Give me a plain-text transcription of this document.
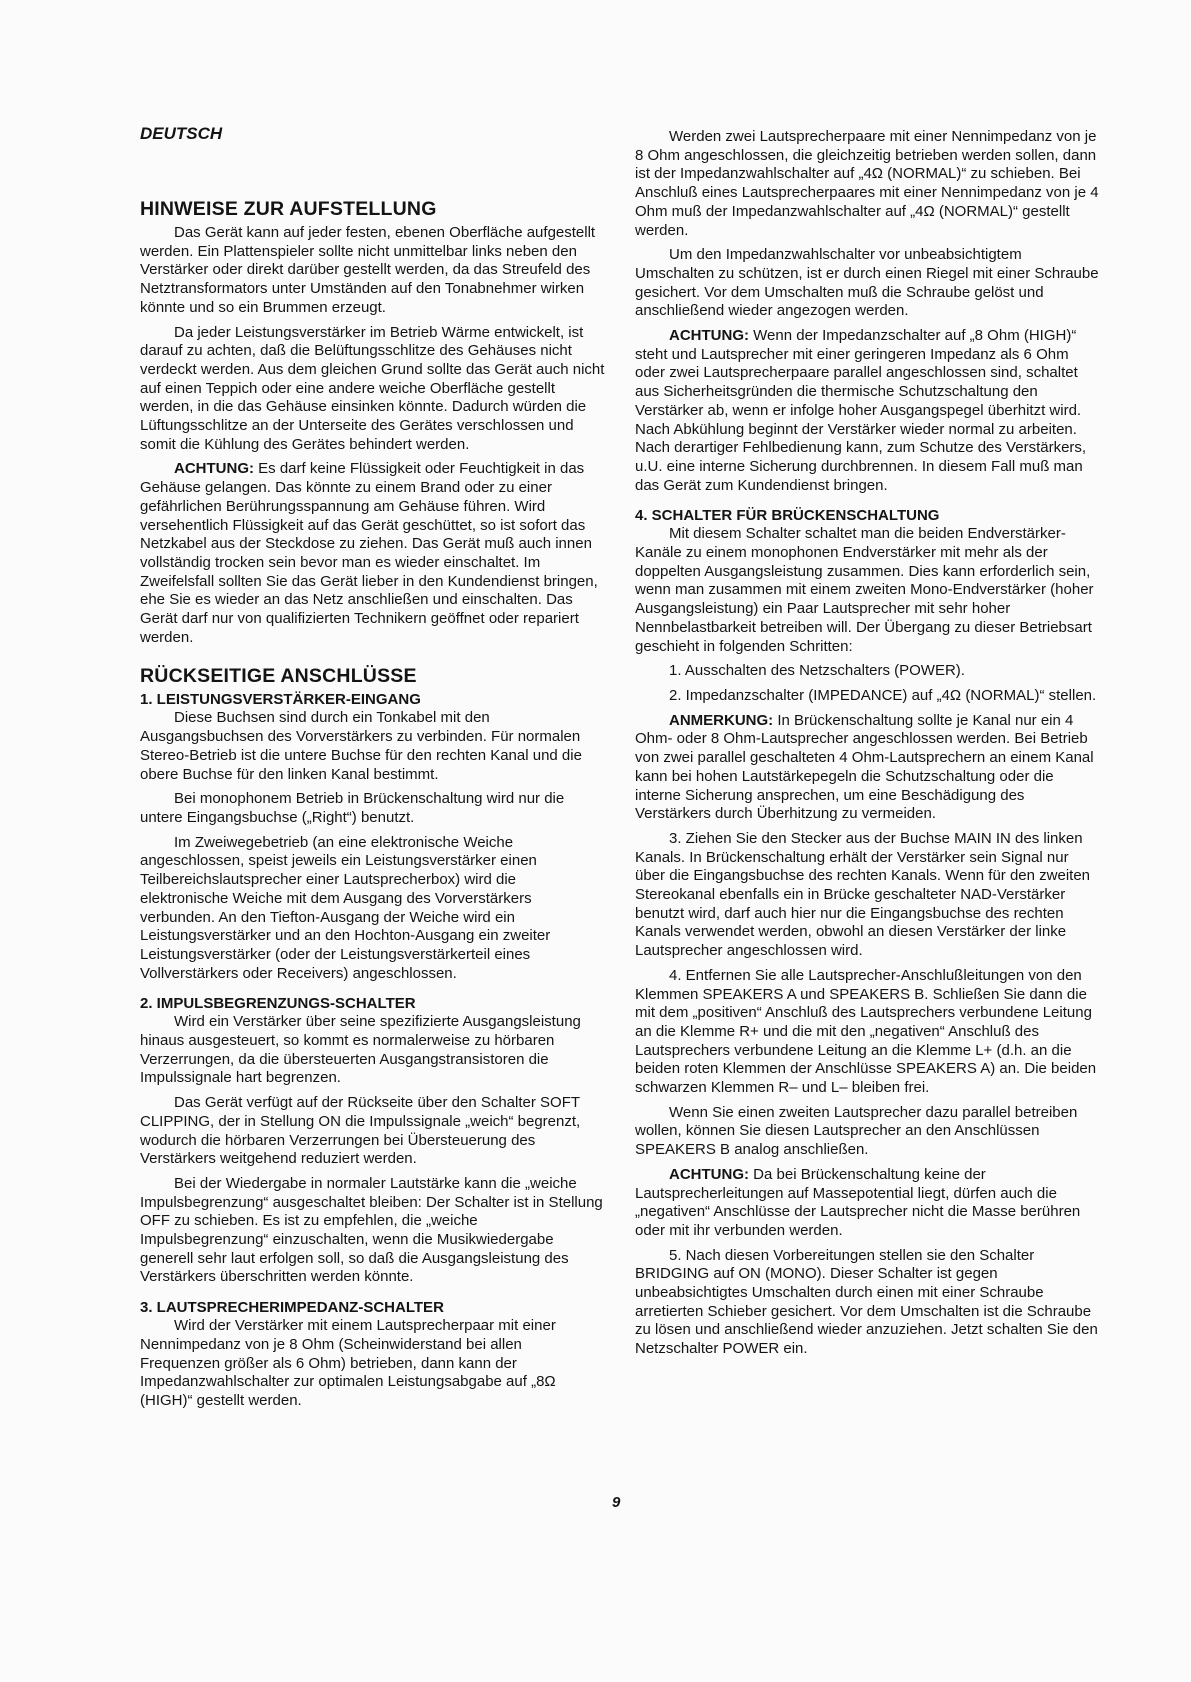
DEUTSCH
HINWEISE ZUR AUFSTELLUNG

Das Gerät kann auf jeder festen, ebenen Oberfläche aufgestellt werden. Ein Plattenspieler sollte nicht unmittelbar links neben den Verstärker oder direkt darüber gestellt werden, da das Streufeld des Netztransformators unter Umständen auf den Tonabnehmer wirken könnte und so ein Brummen erzeugt.

Da jeder Leistungsverstärker im Betrieb Wärme entwickelt, ist darauf zu achten, daß die Belüftungsschlitze des Gehäuses nicht verdeckt werden. Aus dem gleichen Grund sollte das Gerät auch nicht auf einen Teppich oder eine andere weiche Oberfläche gestellt werden, in die das Gehäuse einsinken könnte. Dadurch würden die Lüftungsschlitze an der Unterseite des Gerätes verschlossen und somit die Kühlung des Gerätes behindert werden.

ACHTUNG: Es darf keine Flüssigkeit oder Feuchtigkeit in das Gehäuse gelangen. Das könnte zu einem Brand oder zu einer gefährlichen Berührungsspannung am Gehäuse führen. Wird versehentlich Flüssigkeit auf das Gerät geschüttet, so ist sofort das Netzkabel aus der Steckdose zu ziehen. Das Gerät muß auch innen vollständig trocken sein bevor man es wieder einschaltet. Im Zweifelsfall sollten Sie das Gerät lieber in den Kundendienst bringen, ehe Sie es wieder an das Netz anschließen und einschalten. Das Gerät darf nur von qualifizierten Technikern geöffnet oder repariert werden.

RÜCKSEITIGE ANSCHLÜSSE
1. LEISTUNGSVERSTÄRKER-EINGANG

Diese Buchsen sind durch ein Tonkabel mit den Ausgangsbuchsen des Vorverstärkers zu verbinden. Für normalen Stereo-Betrieb ist die untere Buchse für den rechten Kanal und die obere Buchse für den linken Kanal bestimmt.

Bei monophonem Betrieb in Brückenschaltung wird nur die untere Eingangsbuchse („Right“) benutzt.

Im Zweiwegebetrieb (an eine elektronische Weiche angeschlossen, speist jeweils ein Leistungsverstärker einen Teilbereichslautsprecher einer Lautsprecherbox) wird die elektronische Weiche mit dem Ausgang des Vorverstärkers verbunden. An den Tiefton-Ausgang der Weiche wird ein Leistungsverstärker und an den Hochton-Ausgang ein zweiter Leistungsverstärker (oder der Leistungsverstärkerteil eines Vollverstärkers oder Receivers) angeschlossen.

2. IMPULSBEGRENZUNGS-SCHALTER

Wird ein Verstärker über seine spezifizierte Ausgangsleistung hinaus ausgesteuert, so kommt es normalerweise zu hörbaren Verzerrungen, da die übersteuerten Ausgangstransistoren die Impulssignale hart begrenzen.

Das Gerät verfügt auf der Rückseite über den Schalter SOFT CLIPPING, der in Stellung ON die Impulssignale „weich“ begrenzt, wodurch die hörbaren Verzerrungen bei Übersteuerung des Verstärkers weitgehend reduziert werden.

Bei der Wiedergabe in normaler Lautstärke kann die „weiche Impulsbegrenzung“ ausgeschaltet bleiben: Der Schalter ist in Stellung OFF zu schieben. Es ist zu empfehlen, die „weiche Impulsbegrenzung“ einzuschalten, wenn die Musikwiedergabe generell sehr laut erfolgen soll, so daß die Ausgangsleistung des Verstärkers überschritten werden könnte.

3. LAUTSPRECHERIMPEDANZ-SCHALTER

Wird der Verstärker mit einem Lautsprecherpaar mit einer Nennimpedanz von je 8 Ohm (Scheinwiderstand bei allen Frequenzen größer als 6 Ohm) betrieben, dann kann der Impedanzwahlschalter zur optimalen Leistungsabgabe auf „8Ω (HIGH)“ gestellt werden.

Werden zwei Lautsprecherpaare mit einer Nennimpedanz von je 8 Ohm angeschlossen, die gleichzeitig betrieben werden sollen, dann ist der Impedanzwahlschalter auf „4Ω (NORMAL)“ zu schieben. Bei Anschluß eines Lautsprecherpaares mit einer Nennimpedanz von je 4 Ohm muß der Impedanzwahlschalter auf „4Ω (NORMAL)“ gestellt werden.

Um den Impedanzwahlschalter vor unbeabsichtigtem Umschalten zu schützen, ist er durch einen Riegel mit einer Schraube gesichert. Vor dem Umschalten muß die Schraube gelöst und anschließend wieder angezogen werden.

ACHTUNG: Wenn der Impedanzschalter auf „8 Ohm (HIGH)“ steht und Lautsprecher mit einer geringeren Impedanz als 6 Ohm oder zwei Lautsprecherpaare parallel angeschlossen sind, schaltet aus Sicherheitsgründen die thermische Schutzschaltung den Verstärker ab, wenn er infolge hoher Ausgangspegel überhitzt wird. Nach Abkühlung beginnt der Verstärker wieder normal zu arbeiten. Nach derartiger Fehlbedienung kann, zum Schutze des Verstärkers, u.U. eine interne Sicherung durchbrennen. In diesem Fall muß man das Gerät zum Kundendienst bringen.

4. SCHALTER FÜR BRÜCKENSCHALTUNG

Mit diesem Schalter schaltet man die beiden Endverstärker-Kanäle zu einem monophonen Endverstärker mit mehr als der doppelten Ausgangsleistung zusammen. Dies kann erforderlich sein, wenn man zusammen mit einem zweiten Mono-Endverstärker (hoher Ausgangsleistung) ein Paar Lautsprecher mit sehr hoher Nennbelastbarkeit betreiben will. Der Übergang zu dieser Betriebsart geschieht in folgenden Schritten:

1. Ausschalten des Netzschalters (POWER).

2. Impedanzschalter (IMPEDANCE) auf „4Ω (NORMAL)“ stellen.

ANMERKUNG: In Brückenschaltung sollte je Kanal nur ein 4 Ohm- oder 8 Ohm-Lautsprecher angeschlossen werden. Bei Betrieb von zwei parallel geschalteten 4 Ohm-Lautsprechern an einem Kanal kann bei hohen Lautstärkepegeln die Schutzschaltung oder die interne Sicherung ansprechen, um eine Beschädigung des Verstärkers durch Überhitzung zu vermeiden.

3. Ziehen Sie den Stecker aus der Buchse MAIN IN des linken Kanals. In Brückenschaltung erhält der Verstärker sein Signal nur über die Eingangsbuchse des rechten Kanals. Wenn für den zweiten Stereokanal ebenfalls ein in Brücke geschalteter NAD-Verstärker benutzt wird, darf auch hier nur die Eingangsbuchse des rechten Kanals verwendet werden, obwohl an diesen Verstärker der linke Lautsprecher angeschlossen wird.

4. Entfernen Sie alle Lautsprecher-Anschlußleitungen von den Klemmen SPEAKERS A und SPEAKERS B. Schließen Sie dann die mit dem „positiven“ Anschluß des Lautsprechers verbundene Leitung an die Klemme R+ und die mit den „negativen“ Anschluß des Lautsprechers verbundene Leitung an die Klemme L+ (d.h. an die beiden roten Klemmen der Anschlüsse SPEAKERS A) an. Die beiden schwarzen Klemmen R– und L– bleiben frei.

Wenn Sie einen zweiten Lautsprecher dazu parallel betreiben wollen, können Sie diesen Lautsprecher an den Anschlüssen SPEAKERS B analog anschließen.

ACHTUNG: Da bei Brückenschaltung keine der Lautsprecherleitungen auf Massepotential liegt, dürfen auch die „negativen“ Anschlüsse der Lautsprecher nicht die Masse berühren oder mit ihr verbunden werden.

5. Nach diesen Vorbereitungen stellen sie den Schalter BRIDGING auf ON (MONO). Dieser Schalter ist gegen unbeabsichtigtes Umschalten durch einen mit einer Schraube arretierten Schieber gesichert. Vor dem Umschalten ist die Schraube zu lösen und anschließend wieder anzuziehen. Jetzt schalten Sie den Netzschalter POWER ein.

9
